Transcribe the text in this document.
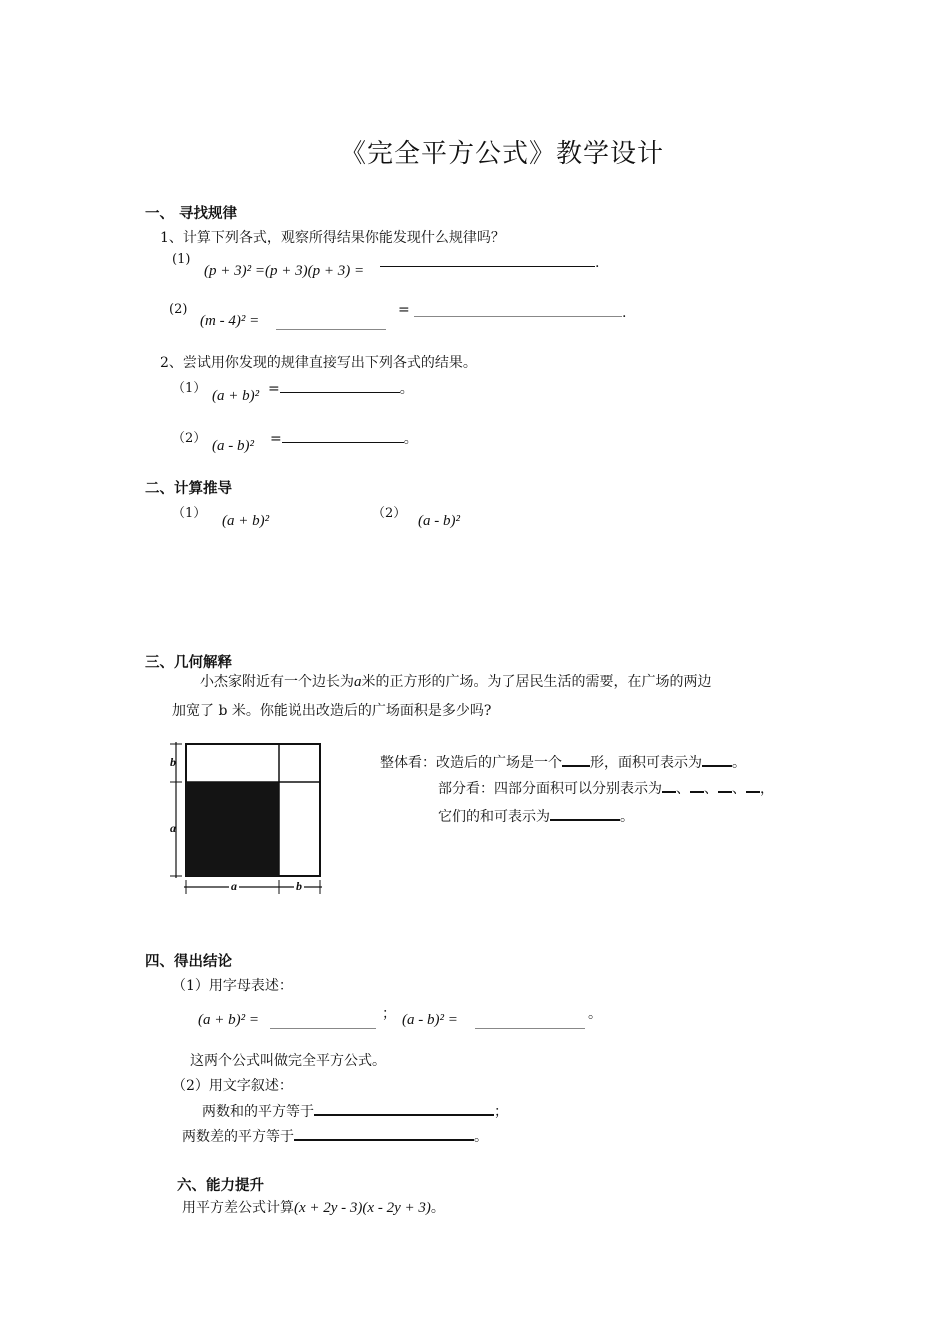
《完全平方公式》教学设计
一、 寻找规律
1、计算下列各式，观察所得结果你能发现什么规律吗？
(1)
(p + 3)² =(p + 3)(p + 3) =	.
(2)
(m - 4)² =
=	.
2、尝试用你发现的规律直接写出下列各式的结果。
（1） (a + b)² =	。
（2） (a - b)² =	。
二、计算推导
（1） (a + b)²	（2） (a - b)²
三、几何解释
小杰家附近有一个边长为a米的正方形的广场。为了居民生活的需要，在广场的两边
加宽了 b 米。你能说出改造后的广场面积是多少吗?
b
a
a	b
整体看：改造后的广场是一个 形，面积可表示为 。
部分看：四部分面积可以分别表示为 、 、 、 ，
它们的和可表示为	。
四、得出结论
（1）用字母表述：
(a + b)² =	； (a - b)² =	。
这两个公式叫做完全平方公式。
（2）用文字叙述：
两数和的平方等于	；
两数差的平方等于	。
六、能力提升
用平方差公式计算(x + 2y - 3)(x - 2y + 3)。
